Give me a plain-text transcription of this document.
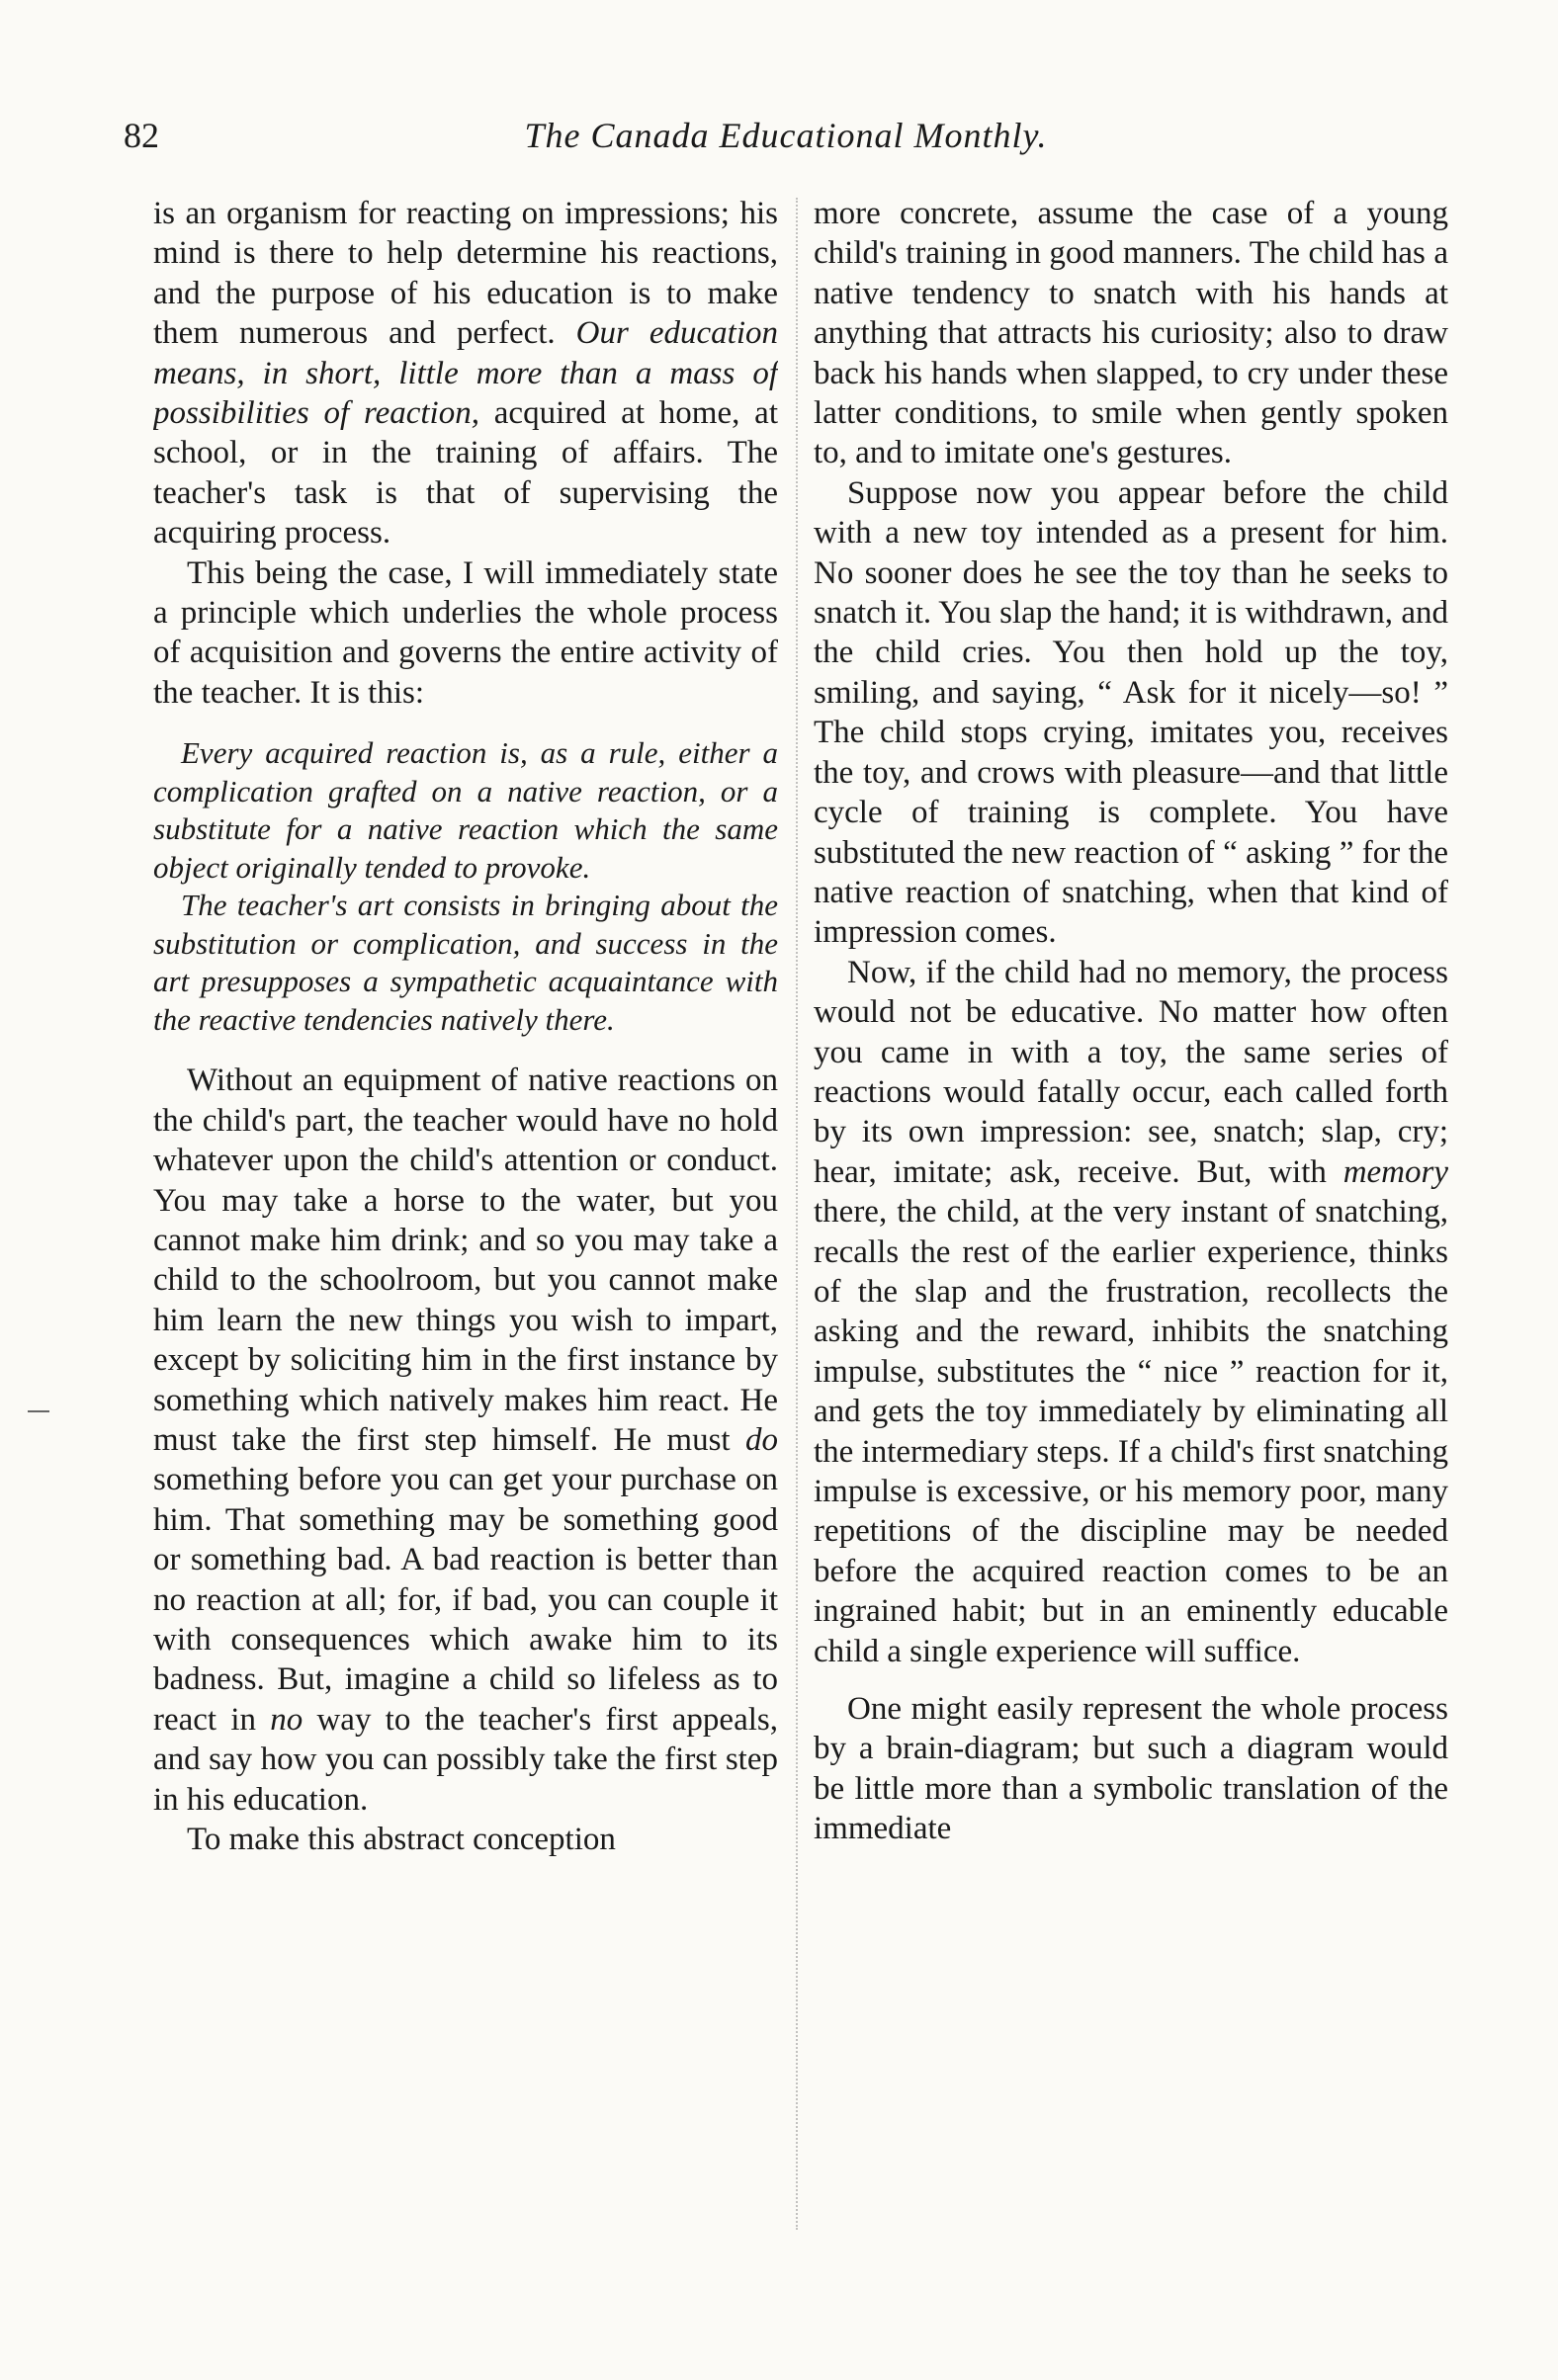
82	The Canada Educational Monthly.

is an organism for reacting on impressions; his mind is there to help determine his reactions, and the purpose of his education is to make them numerous and perfect. Our education means, in short, little more than a mass of possibilities of reaction, acquired at home, at school, or in the training of affairs. The teacher's task is that of supervising the acquiring process.

This being the case, I will immediately state a principle which underlies the whole process of acquisition and governs the entire activity of the teacher. It is this:

Every acquired reaction is, as a rule, either a complication grafted on a native reaction, or a substitute for a native reaction which the same object originally tended to provoke.

The teacher's art consists in bringing about the substitution or complication, and success in the art presupposes a sympathetic acquaintance with the reactive tendencies natively there.

Without an equipment of native reactions on the child's part, the teacher would have no hold whatever upon the child's attention or conduct. You may take a horse to the water, but you cannot make him drink; and so you may take a child to the schoolroom, but you cannot make him learn the new things you wish to impart, except by soliciting him in the first instance by something which natively makes him react. He must take the first step himself. He must do something before you can get your purchase on him. That something may be something good or something bad. A bad reaction is better than no reaction at all; for, if bad, you can couple it with consequences which awake him to its badness. But, imagine a child so lifeless as to react in no way to the teacher's first appeals, and say how you can possibly take the first step in his education.

To make this abstract conception

more concrete, assume the case of a young child's training in good manners. The child has a native tendency to snatch with his hands at anything that attracts his curiosity; also to draw back his hands when slapped, to cry under these latter conditions, to smile when gently spoken to, and to imitate one's gestures.

Suppose now you appear before the child with a new toy intended as a present for him. No sooner does he see the toy than he seeks to snatch it. You slap the hand; it is withdrawn, and the child cries. You then hold up the toy, smiling, and saying, “ Ask for it nicely—so! ” The child stops crying, imitates you, receives the toy, and crows with pleasure—and that little cycle of training is complete. You have substituted the new reaction of “ asking ” for the native reaction of snatching, when that kind of impression comes.

Now, if the child had no memory, the process would not be educative. No matter how often you came in with a toy, the same series of reactions would fatally occur, each called forth by its own impression: see, snatch; slap, cry; hear, imitate; ask, receive. But, with memory there, the child, at the very instant of snatching, recalls the rest of the earlier experience, thinks of the slap and the frustration, recollects the asking and the reward, inhibits the snatching impulse, substitutes the “ nice ” reaction for it, and gets the toy immediately by eliminating all the intermediary steps. If a child's first snatching impulse is excessive, or his memory poor, many repetitions of the discipline may be needed before the acquired reaction comes to be an ingrained habit; but in an eminently educable child a single experience will suffice.

One might easily represent the whole process by a brain-diagram; but such a diagram would be little more than a symbolic translation of the immediate
